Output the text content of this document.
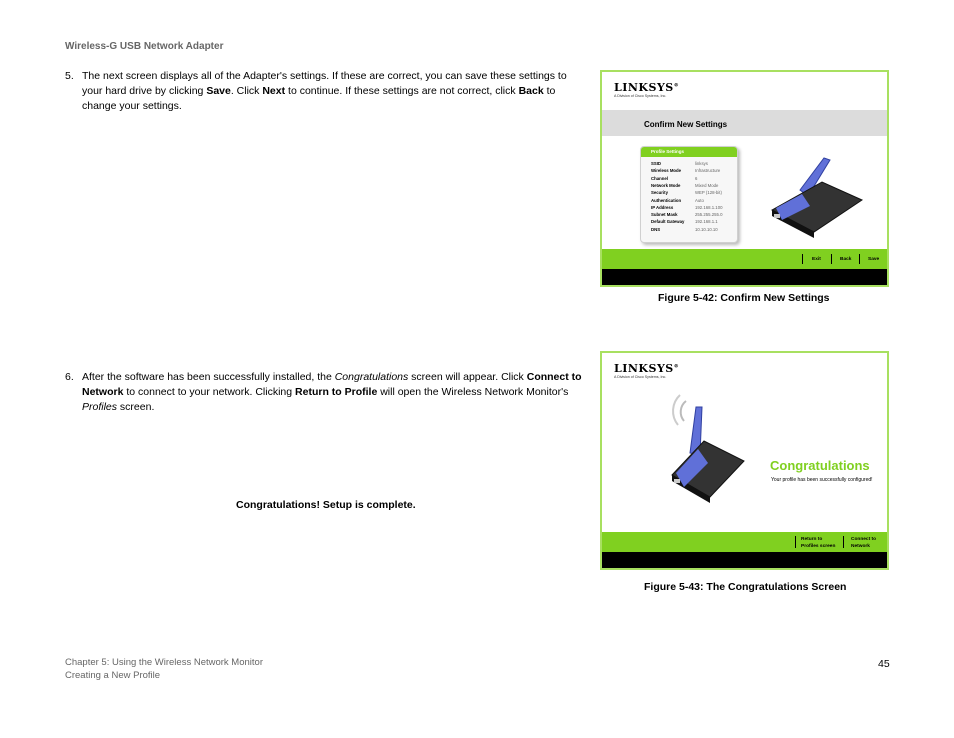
Wireless-G USB Network Adapter
5. The next screen displays all of the Adapter's settings. If these are correct, you can save these settings to your hard drive by clicking Save. Click Next to continue. If these settings are not correct, click Back to change your settings.
LINKSYS®
A Division of Cisco Systems, Inc.
Confirm New Settings
Profile Settings
SSID	linksys
Wireless Mode	Infrastructure
Channel	6
Network Mode	Mixed Mode
Security	WEP (128-bit)
Authentication	Auto
IP Address	192.168.1.100
Subnet Mask	255.255.255.0
Default Gateway 192.168.1.1
DNS	10.10.10.10
Exit	Back	Save
Figure 5-42: Confirm New Settings
6. After the software has been successfully installed, the Congratulations screen will appear. Click Connect to Network to connect to your network. Clicking Return to Profile will open the Wireless Network Monitor's Profiles screen.
Congratulations! Setup is complete.
LINKSYS®
A Division of Cisco Systems, Inc.
Congratulations
Your profile has been successfully configured!
Return to
Profiles screen
Connect to
Network
Figure 5-43: The Congratulations Screen
Chapter 5: Using the Wireless Network Monitor
Creating a New Profile
45
